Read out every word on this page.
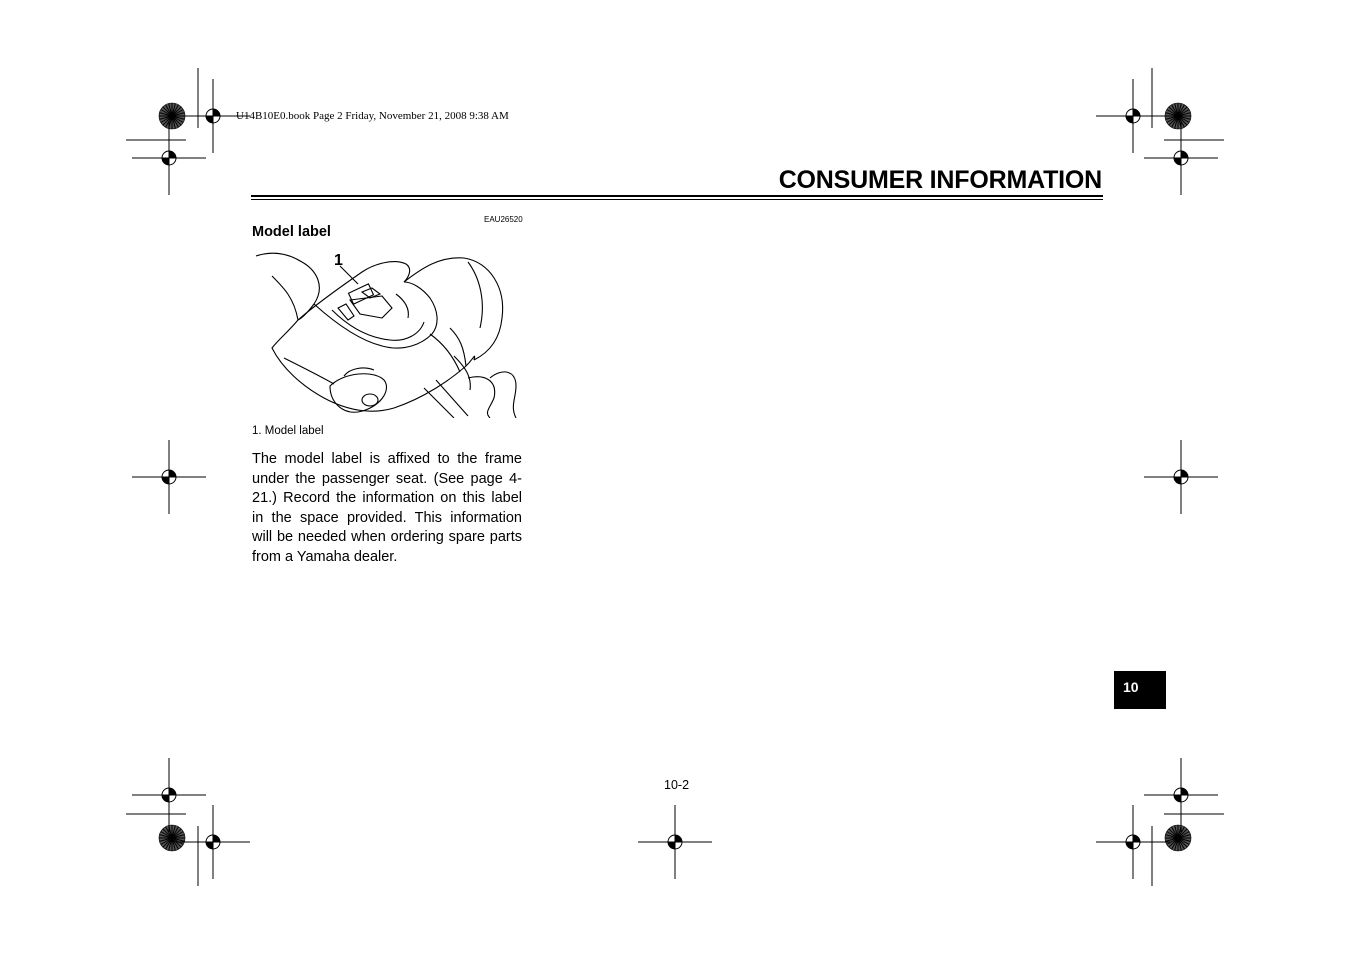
U14B10E0.book Page 2 Friday, November 21, 2008 9:38 AM
CONSUMER INFORMATION
EAU26520
Model label
1
1. Model label
The model label is affixed to the frame under the passenger seat. (See page 4-21.) Record the information on this label in the space provided. This information will be needed when ordering spare parts from a Yamaha dealer.
10
10-2
